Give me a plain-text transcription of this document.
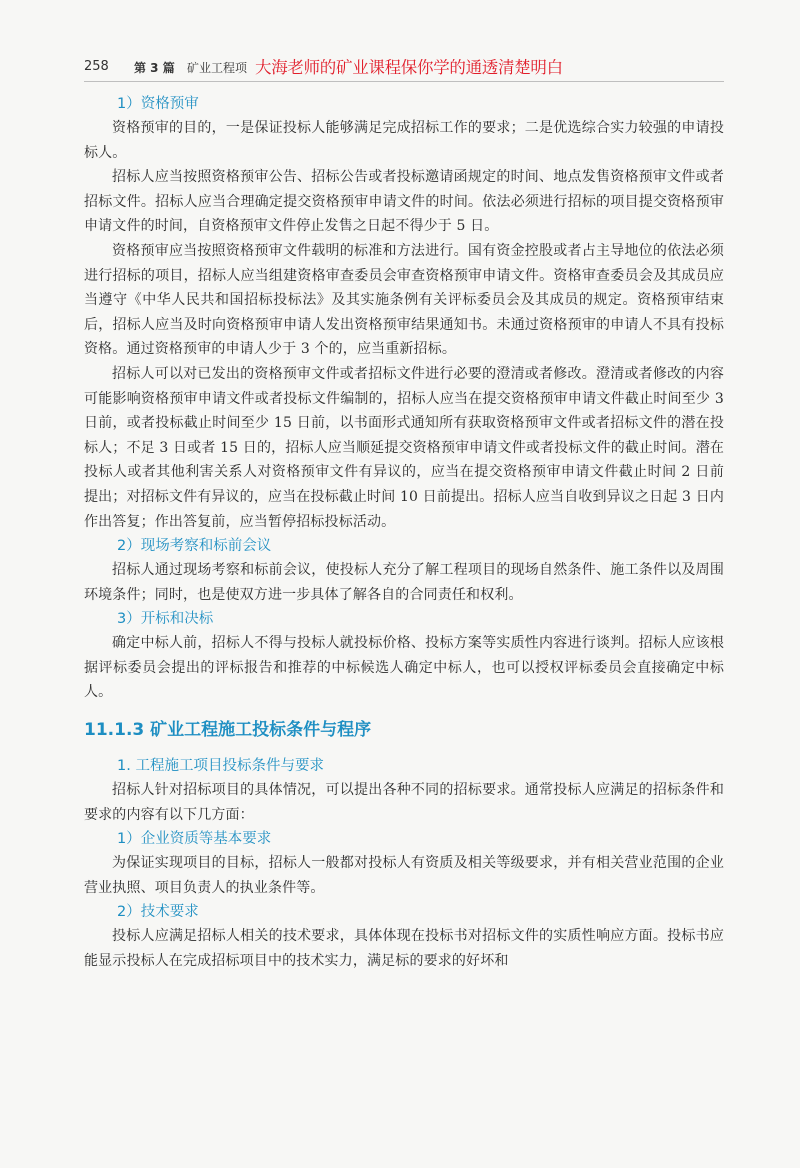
258 第 3 篇 矿业工程项 大海老师的矿业课程保你学的通透清楚明白
1）资格预审

资格预审的目的，一是保证投标人能够满足完成招标工作的要求；二是优选综合实力较强的申请投标人。

招标人应当按照资格预审公告、招标公告或者投标邀请函规定的时间、地点发售资格预审文件或者招标文件。招标人应当合理确定提交资格预审申请文件的时间。依法必须进行招标的项目提交资格预审申请文件的时间，自资格预审文件停止发售之日起不得少于 5 日。

资格预审应当按照资格预审文件载明的标准和方法进行。国有资金控股或者占主导地位的依法必须进行招标的项目，招标人应当组建资格审查委员会审查资格预审申请文件。资格审查委员会及其成员应当遵守《中华人民共和国招标投标法》及其实施条例有关评标委员会及其成员的规定。资格预审结束后，招标人应当及时向资格预审申请人发出资格预审结果通知书。未通过资格预审的申请人不具有投标资格。通过资格预审的申请人少于 3 个的，应当重新招标。

招标人可以对已发出的资格预审文件或者招标文件进行必要的澄清或者修改。澄清或者修改的内容可能影响资格预审申请文件或者投标文件编制的，招标人应当在提交资格预审申请文件截止时间至少 3 日前，或者投标截止时间至少 15 日前，以书面形式通知所有获取资格预审文件或者招标文件的潜在投标人；不足 3 日或者 15 日的，招标人应当顺延提交资格预审申请文件或者投标文件的截止时间。潜在投标人或者其他利害关系人对资格预审文件有异议的，应当在提交资格预审申请文件截止时间 2 日前提出；对招标文件有异议的，应当在投标截止时间 10 日前提出。招标人应当自收到异议之日起 3 日内作出答复；作出答复前，应当暂停招标投标活动。

2）现场考察和标前会议

招标人通过现场考察和标前会议，使投标人充分了解工程项目的现场自然条件、施工条件以及周围环境条件；同时，也是使双方进一步具体了解各自的合同责任和权利。

3）开标和决标

确定中标人前，招标人不得与投标人就投标价格、投标方案等实质性内容进行谈判。招标人应该根据评标委员会提出的评标报告和推荐的中标候选人确定中标人，也可以授权评标委员会直接确定中标人。

11.1.3 矿业工程施工投标条件与程序
1. 工程施工项目投标条件与要求

招标人针对招标项目的具体情况，可以提出各种不同的招标要求。通常投标人应满足的招标条件和要求的内容有以下几方面：

1）企业资质等基本要求

为保证实现项目的目标，招标人一般都对投标人有资质及相关等级要求，并有相关营业范围的企业营业执照、项目负责人的执业条件等。

2）技术要求

投标人应满足招标人相关的技术要求，具体体现在投标书对招标文件的实质性响应方面。投标书应能显示投标人在完成招标项目中的技术实力，满足标的要求的好坏和
